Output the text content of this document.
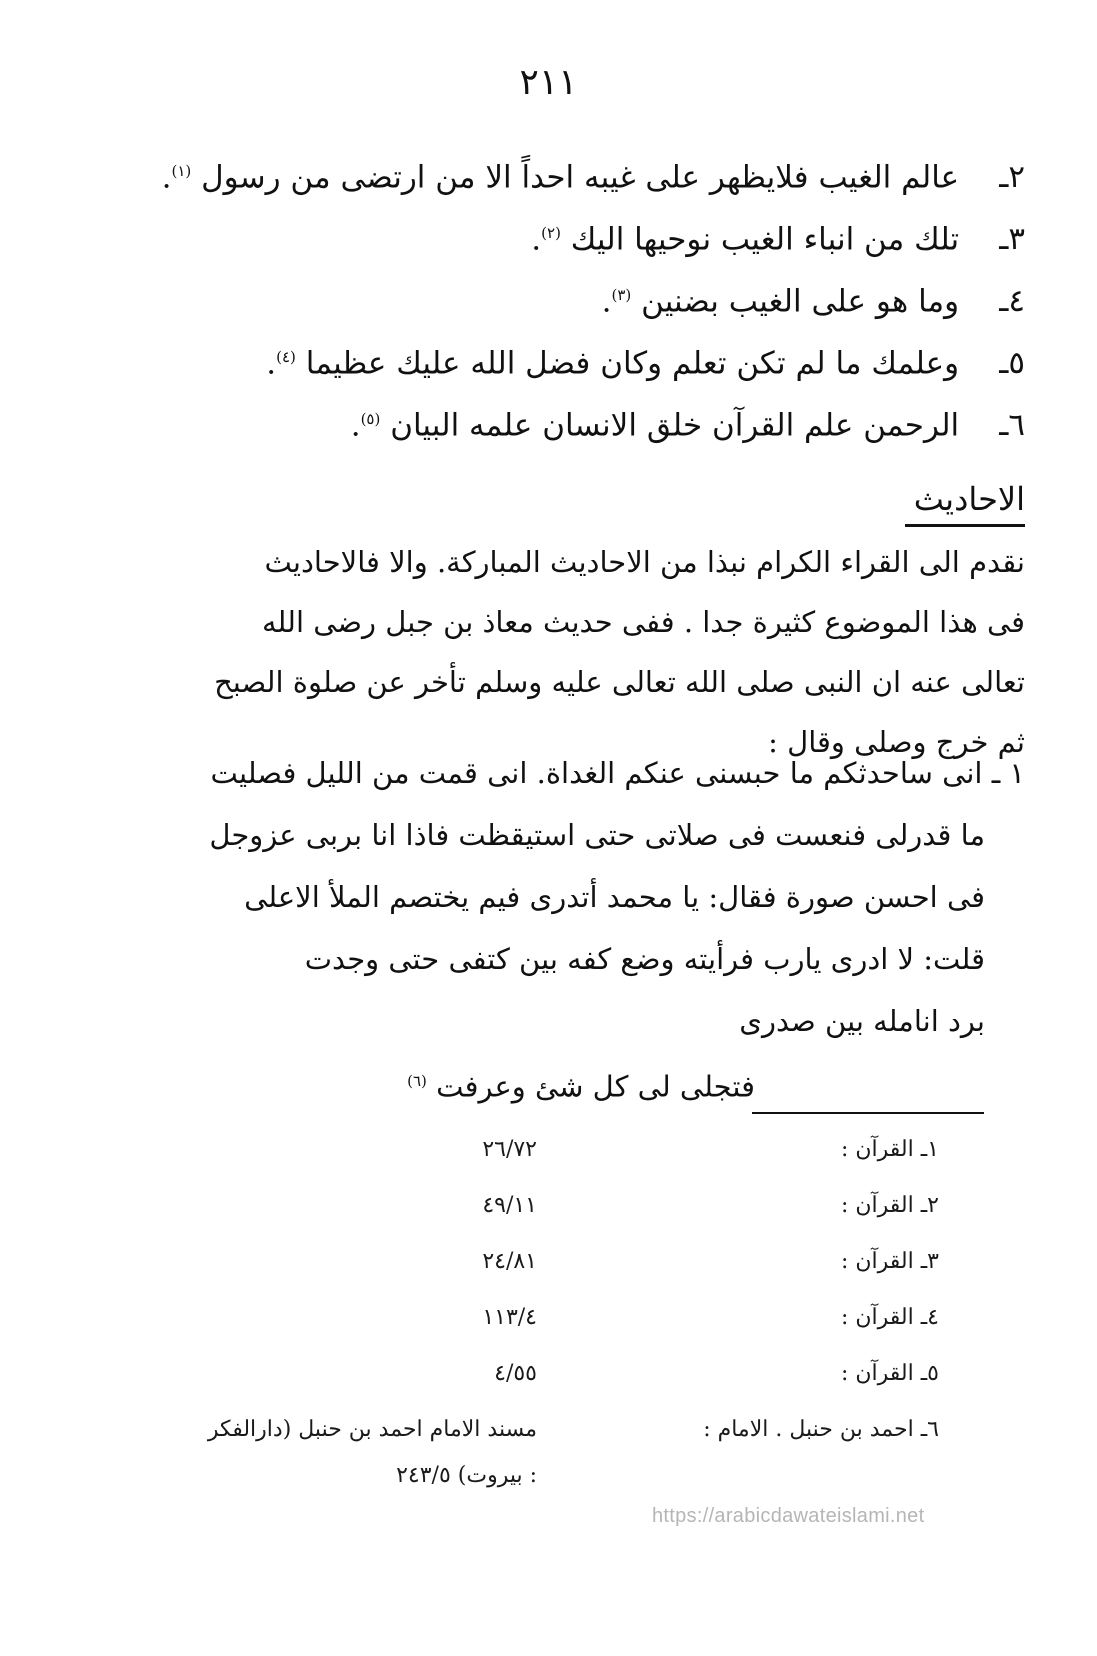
٢١١
٢ـ عالم الغيب فلايظهر على غيبه احداً الا من ارتضى من رسول $^{(١)}$.
٣ـ تلك من انباء الغيب نوحيها اليك $^{(٢)}$.
٤ـ وما هو على الغيب بضنين $^{(٣)}$.
٥ـ وعلمك ما لم تكن تعلم وكان فضل الله عليك عظيما $^{(٤)}$.
٦ـ الرحمن علم القرآن خلق الانسان علمه البيان $^{(٥)}$.
الاحاديث
نقدم الى القراء الكرام نبذا من الاحاديث المباركة. والا فالاحاديث
فى هذا الموضوع كثيرة جدا . ففى حديث معاذ بن جبل رضى الله
تعالى عنه ان النبى صلى الله تعالى عليه وسلم تأخر عن صلوة الصبح
ثم خرج وصلى وقال :
١ ـ انى ساحدثكم ما حبسنى عنكم الغداة. انى قمت من الليل فصليت
ما قدرلى فنعست فى صلاتى حتى استيقظت فاذا انا بربى عزوجل
فى احسن صورة فقال: يا محمد أتدرى فيم يختصم الملأ الاعلى
قلت: لا ادرى يارب فرأيته وضع كفه بين كتفى حتى وجدت
برد انامله بين صدرى
فتجلى لى كل شئ وعرفت $^{(٦)}$
١ـ القرآن :
٢٦/٧٢
٢ـ القرآن :
٤٩/١١
٣ـ القرآن :
٢٤/٨١
٤ـ القرآن :
١١٣/٤
٥ـ القرآن :
٤/٥٥
٦ـ احمد بن حنبل . الامام :
مسند الامام احمد بن حنبل (دارالفكر : بيروت) ٢٤٣/٥
https://arabicdawateislami.net
